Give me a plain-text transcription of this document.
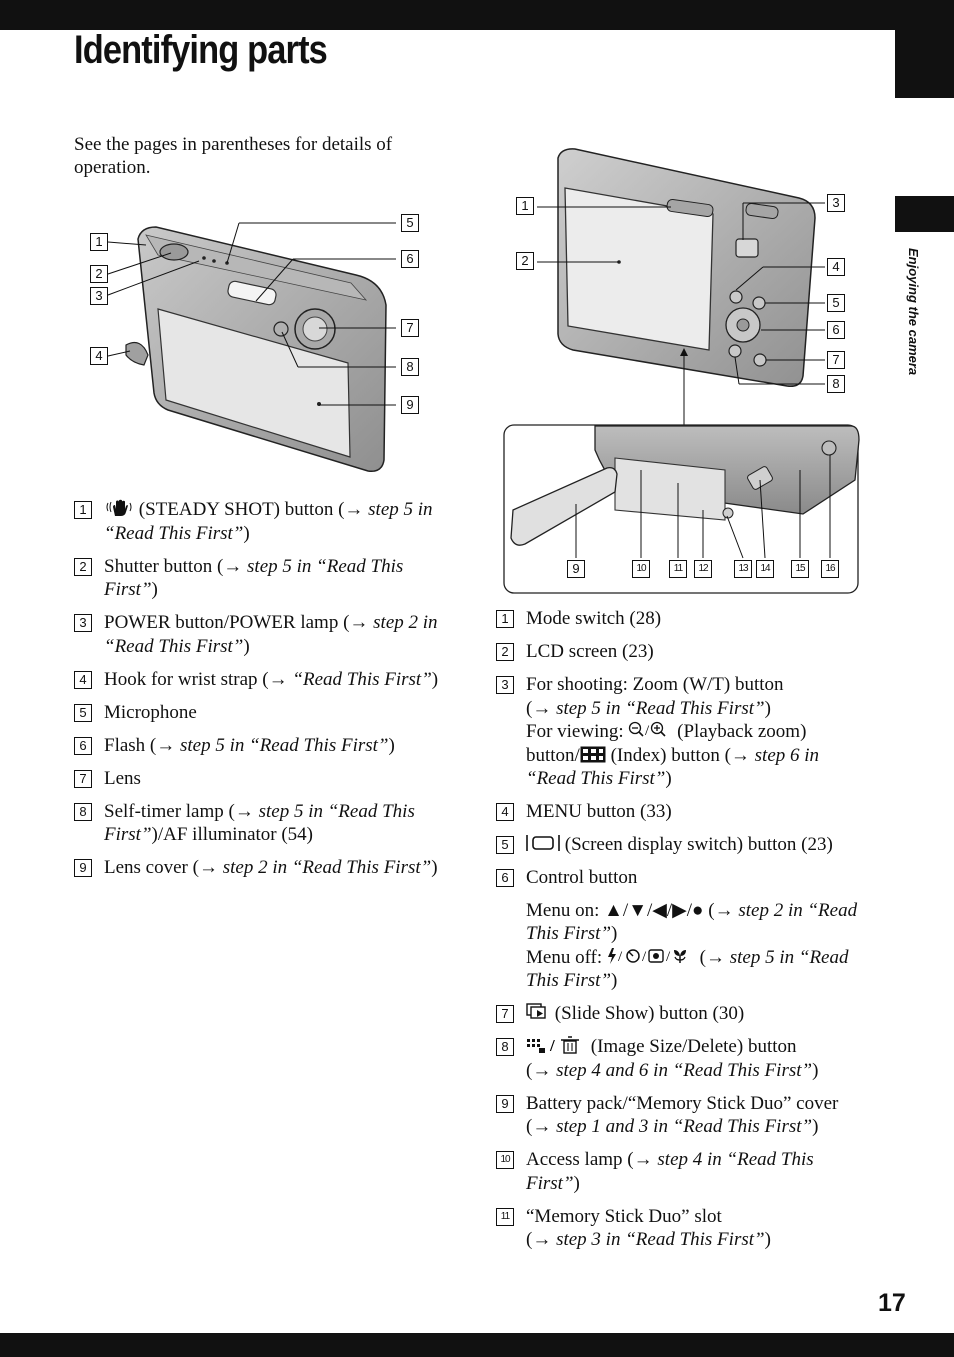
Enjoying the camera
Identifying parts
See the pages in parentheses for details of operation.
1
2
3
4
5
6
7
8
9
1
2
3
4
5
6
7
8
9	10	11	12	13	14	15	16
1 (STEADY SHOT) button (→ step 5 in “Read This First”)
2 Shutter button (→ step 5 in “Read This First”)
3 POWER button/POWER lamp (→ step 2 in “Read This First”)
4 Hook for wrist strap (→ “Read This First”)
5 Microphone
6 Flash (→ step 5 in “Read This First”)
7 Lens
8 Self-timer lamp (→ step 5 in “Read This First”)/AF illuminator (54)
9 Lens cover (→ step 2 in “Read This First”)
1 Mode switch (28)
2 LCD screen (23)
3 For shooting: Zoom (W/T) button
(→ step 5 in “Read This First”)
For viewing: / (Playback zoom)
button/ (Index) button (→ step 6 in “Read This First”)
4 MENU button (33)
5	(Screen display switch) button (23)
6 Control button
Menu on: ▲/▼/◀/▶/● (→ step 2 in “Read This First”)
Menu off: / / / (→ step 5 in “Read This First”)
7 (Slide Show) button (30)
8	/ (Image Size/Delete) button
(→ step 4 and 6 in “Read This First”)
9 Battery pack/“Memory Stick Duo” cover (→ step 1 and 3 in “Read This First”)
10 Access lamp (→ step 4 in “Read This First”)
11 “Memory Stick Duo” slot
(→ step 3 in “Read This First”)
17
